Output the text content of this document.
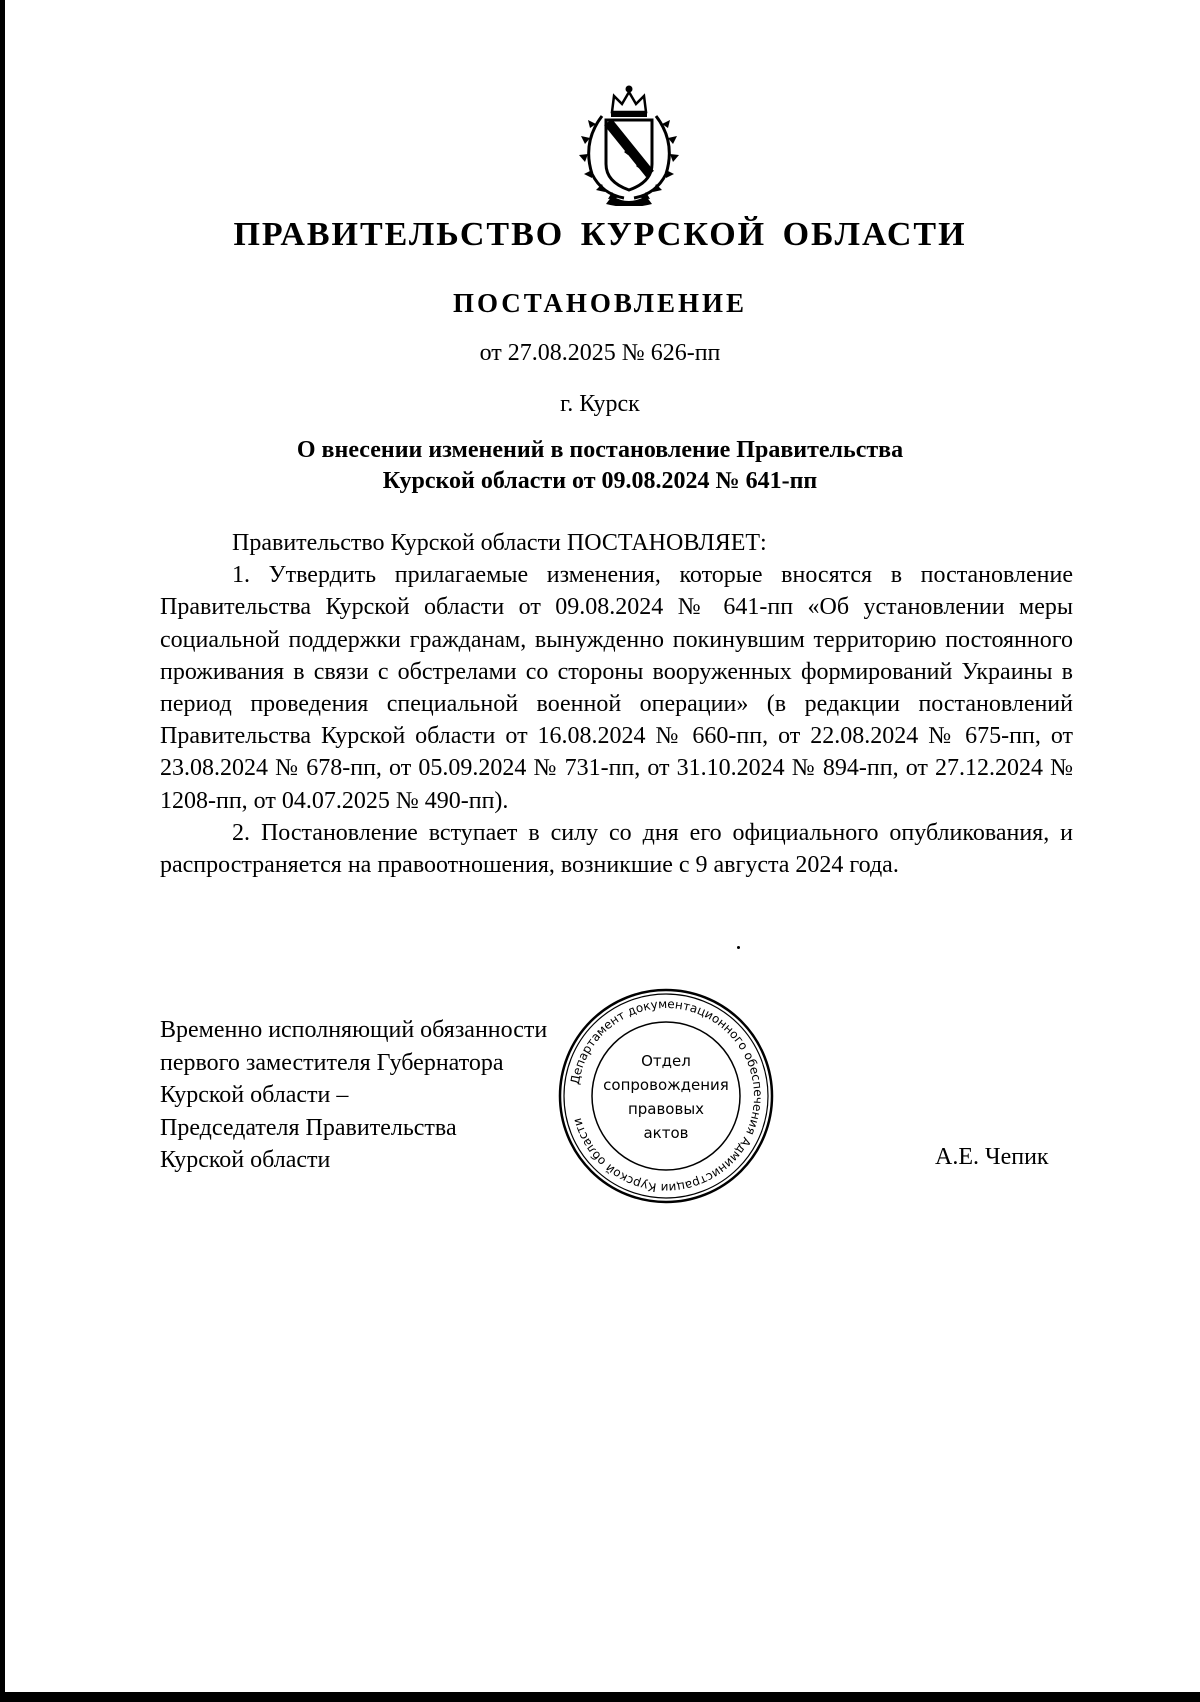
ПРАВИТЕЛЬСТВО КУРСКОЙ ОБЛАСТИ
ПОСТАНОВЛЕНИЕ
от 27.08.2025 № 626-пп
г. Курск
О внесении изменений в постановление Правительства
Курской области от 09.08.2024 № 641-пп

Правительство Курской области ПОСТАНОВЛЯЕТ:

1. Утвердить прилагаемые изменения, которые вносятся в постановление Правительства Курской области от 09.08.2024 № 641-пп «Об установлении меры социальной поддержки гражданам, вынужденно покинувшим территорию постоянного проживания в связи с обстрелами со стороны вооруженных формирований Украины в период проведения специальной военной операции» (в редакции постановлений Правительства Курской области от 16.08.2024 № 660-пп, от 22.08.2024 № 675-пп, от 23.08.2024 № 678-пп, от 05.09.2024 № 731-пп, от 31.10.2024 № 894-пп, от 27.12.2024 № 1208-пп, от 04.07.2025 № 490-пп).

2. Постановление вступает в силу со дня его официального опубликования, и распространяется на правоотношения, возникшие с 9 августа 2024 года.

Временно исполняющий обязанности
первого заместителя Губернатора
Курской области –
Председателя Правительства
Курской области	А.Е. Чепик
Департамент документационного обеспечения Администрации Курской области
Отдел
сопровождения
правовых
актов
